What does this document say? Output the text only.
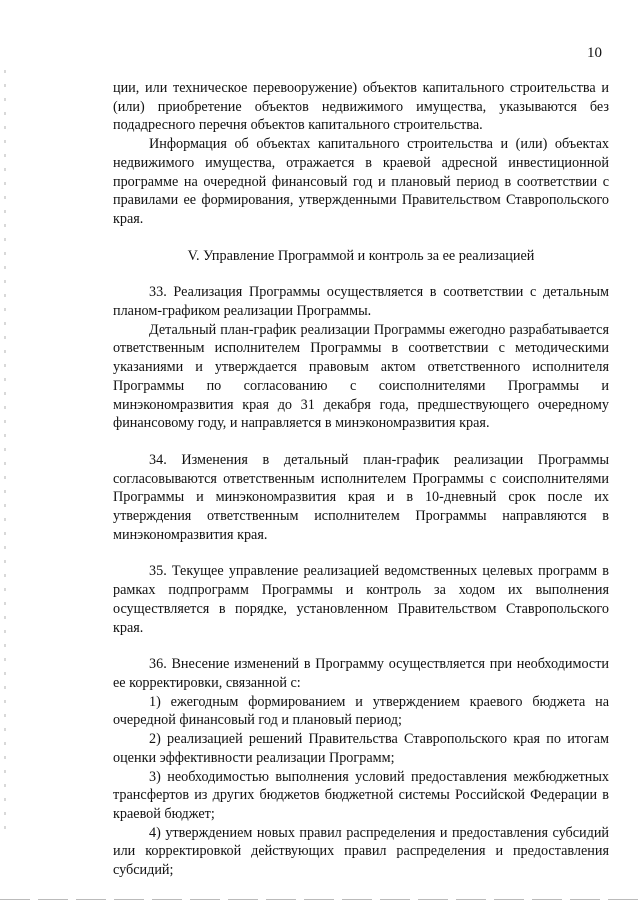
10

ции, или техническое перевооружение) объектов капитального строительства и (или) приобретение объектов недвижимого имущества, указываются без подадресного перечня объектов капитального строительства.

Информация об объектах капитального строительства и (или) объектах недвижимого имущества, отражается в краевой адресной инвестиционной программе на очередной финансовый год и плановый период в соответствии с правилами ее формирования, утвержденными Правительством Ставропольского края.

V. Управление Программой и контроль за ее реализацией

33. Реализация Программы осуществляется в соответствии с детальным планом-графиком реализации Программы.

Детальный план-график реализации Программы ежегодно разрабатывается ответственным исполнителем Программы в соответствии с методическими указаниями и утверждается правовым актом ответственного исполнителя Программы по согласованию с соисполнителями Программы и минэкономразвития края до 31 декабря года, предшествующего очередному финансовому году, и направляется в минэкономразвития края.

34. Изменения в детальный план-график реализации Программы согласовываются ответственным исполнителем Программы с соисполнителями Программы и минэкономразвития края и в 10-дневный срок после их утверждения ответственным исполнителем Программы направляются в минэкономразвития края.

35. Текущее управление реализацией ведомственных целевых программ в рамках подпрограмм Программы и контроль за ходом их выполнения осуществляется в порядке, установленном Правительством Ставропольского края.

36. Внесение изменений в Программу осуществляется при необходимости ее корректировки, связанной с:

1) ежегодным формированием и утверждением краевого бюджета на очередной финансовый год и плановый период;

2) реализацией решений Правительства Ставропольского края по итогам оценки эффективности реализации Программ;

3) необходимостью выполнения условий предоставления межбюджетных трансфертов из других бюджетов бюджетной системы Российской Федерации в краевой бюджет;

4) утверждением новых правил распределения и предоставления субсидий или корректировкой действующих правил распределения и предоставления субсидий;
